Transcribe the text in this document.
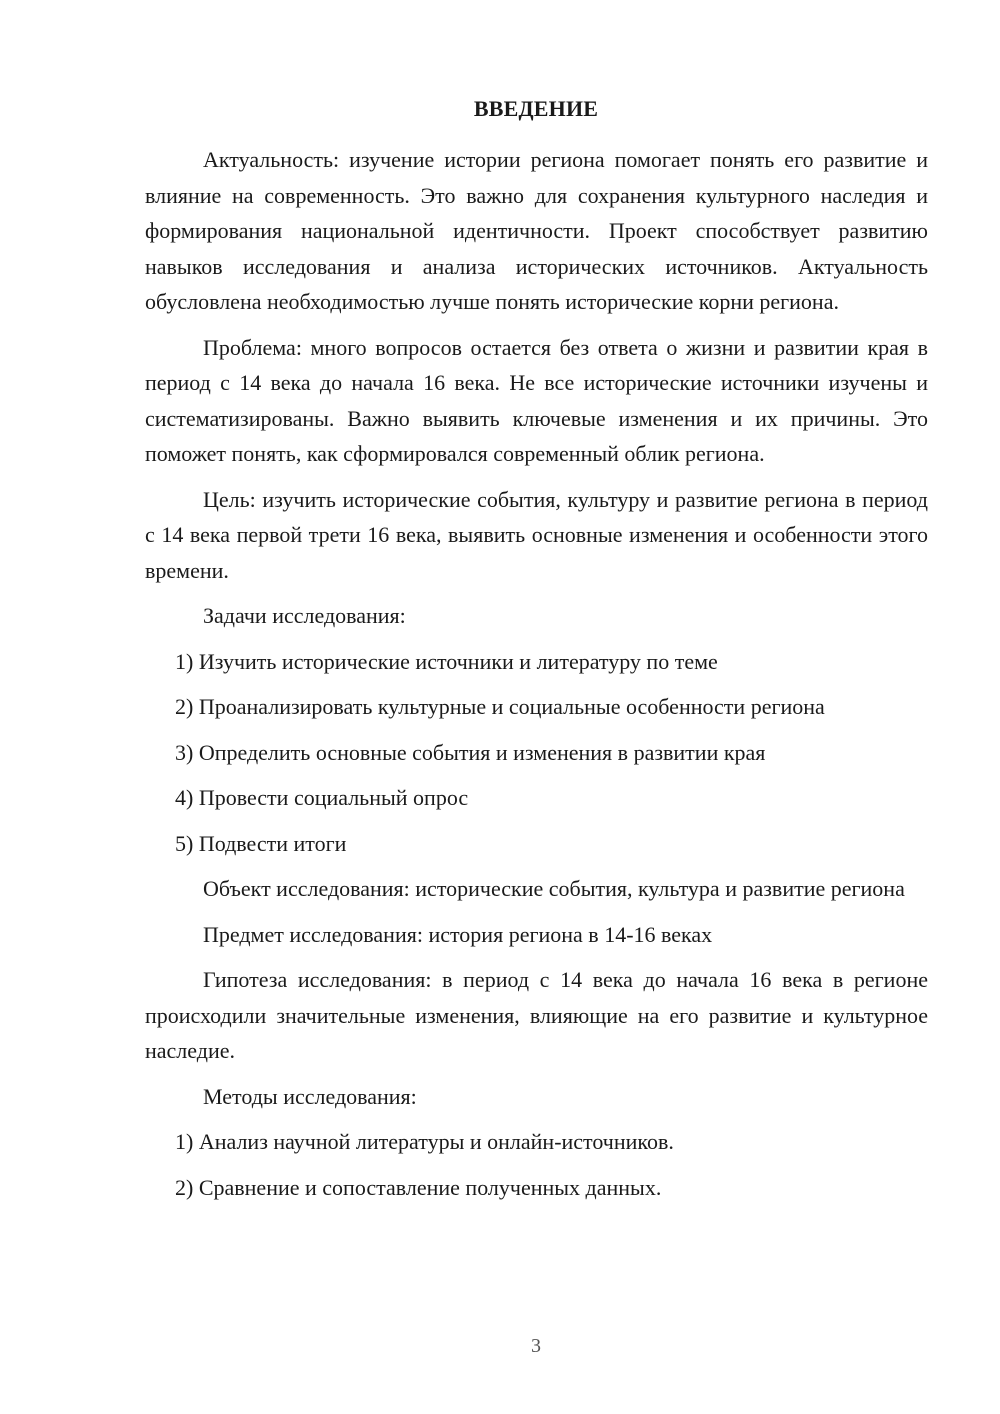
ВВЕДЕНИЕ

Актуальность: изучение истории региона помогает понять его развитие и влияние на современность. Это важно для сохранения культурного наследия и формирования национальной идентичности. Проект способствует развитию навыков исследования и анализа исторических источников. Актуальность обусловлена необходимостью лучше понять исторические корни региона.

Проблема: много вопросов остается без ответа о жизни и развитии края в период с 14 века до начала 16 века. Не все исторические источники изучены и систематизированы. Важно выявить ключевые изменения и их причины. Это поможет понять, как сформировался современный облик региона.

Цель: изучить исторические события, культуру и развитие региона в период с 14 века первой трети 16 века, выявить основные изменения и особенности этого времени.

Задачи исследования:

1) Изучить исторические источники и литературу по теме

2) Проанализировать культурные и социальные особенности региона

3) Определить основные события и изменения в развитии края

4) Провести социальный опрос

5) Подвести итоги

Объект исследования: исторические события, культура и развитие региона

Предмет исследования: история региона в 14-16 веках

Гипотеза исследования: в период с 14 века до начала 16 века в регионе происходили значительные изменения, влияющие на его развитие и культурное наследие.

Методы исследования:

1) Анализ научной литературы и онлайн-источников.

2) Сравнение и сопоставление полученных данных.

3
